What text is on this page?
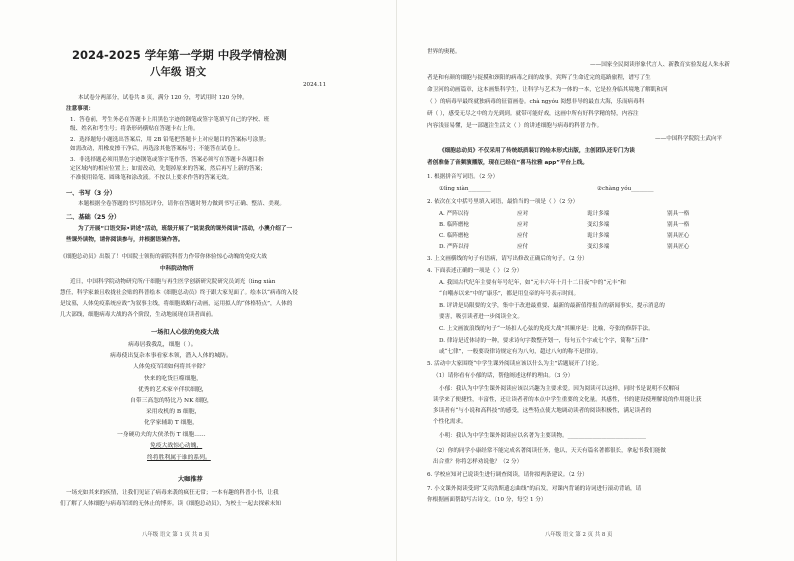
2024-2025 学年第一学期 中段学情检测
八年级 语文
2024.11
本试卷分两部分，试卷共 8 页，满分 120 分，考试用时 120 分钟。
注意事项：
1．答卷前，考生务必在答题卡上用黑色字迹的钢笔或签字笔填写自己的学校、班
级、姓名和考生号；将条形码横贴在答题卡右上角。
2．选择题每小题选出答案后，用 2B 铅笔把答题卡上对应题目的答案标号涂黑；
如需改动，用橡皮擦干净后，再选涂其他答案标号；不能答在试卷上。
3．非选择题必须用黑色字迹钢笔或签字笔作答，答案必须写在答题卡各题目指
定区域内的相应位置上；如需改动，先划掉原来的答案，然后再写上新的答案；
不准使用铅笔、圆珠笔和涂改液。不按以上要求作答的答案无效。
一、书写（3 分）
本题根据全卷答题的书写情况评分，请你在答题时努力做到书写正确、整洁、美观。
二、基础（25 分）
为了开展“口语交际•讲述”活动，班级开展了“说说我的课外阅读”活动，小澳介绍了一
些课外读物，请你阅读参与，并根据语境作答。
《细胞总动员》出版了！中国院士领衔的新院科普力作带你体验惊心动魄的免疫大战
中科院动物所
近日，中国科学院动物研究所/干细胞与再生医学创新研究院研究员刘光（lìng xiàn
慧任，科学家兼且收拢社会贴的科普绘本《细胞总动员》终于跟大家见面了。绘本以“病毒的入侵
是坟墓，人体免疫系统应战”为叙事主线，将细胞战略行动画，运用拟人的“体格特点”，人体的
几大部线，细胞病毒大战的各个阶段，生动地展现在读者面前。
一场扣人心弦的免疫大战
病毒居我我乱，细胞（ ）。
病毒使出复杂本事看家本领，潜入人体的城防。
人体免疫军团如何将其辛除？
快来的吃货巨噬细胞，
优秀的艺术家辛伴状细胞，
自带三高忽的特比乃 NK 细胞，
采用攻机的 B 细胞，
化学家辅助 T 细胞，
一身硬功夫的大侠杀伤 T 细胞……
免疫大战惊心动魄，
终将胜利属于谁的系列。
大咖推荐
一场充如其来的疾情，让我们见证了病毒来袭的疯狂无常；一本有趣的科普小书，让我
们了解了人体细胞与病毒军团的无休止的博弈。读《细胞总动员》，为校士一起去探索未知
八年级 语文 第 1 页 共 8 页
世界的奥秘。
——国家全民阅读形象代言人、新教育实验发起人朱永新
者是和有颜的细胞与捉摸和颈阳的病毒之间的故事，宾辉了生命近完的巡路旅程，谱写了生
命卫河的动画篇章，这本画集科学生，让科学与艺术为一体的一本，它是拉身临其境地了解肌和河
（ ）的病毒早最终就独病毒的征留画卷。chà ngyóu 阅想非导的最直大海，乐而病毒科
研（ ），感受无尽之中的力光到到。就带可能好戏，这画中所有好科学精的特，内容注
内容浅显易懂，是一部题注生活文（ ）的讲述细胞与病毒的科普力作。
——中国科学院院士武向平
《细胞总动员》不仅采用了传统纸质装订的绘本形式出版，主创团队还专门为读
者创准备了音频演播版，现在已经在“喜马拉雅 app”平台上线。
1. 根据拼音写词语。（2 分）
①lìng xiàn________	②chàng yóu________
2. 依次在文中括号里填入词语，最恰当的一项是（ ）（2 分）
A. 严阵以待	应对	诡计多端	别具一格
B. 临阵磨枪	应对	变幻多端	别具一格
C. 临阵磨枪	应付	诡计多端	别具匠心
D. 严阵以待	应付	变幻多端	别具匠心
3. 上文画横线的句子有语病，请写出修改正确后的句子。（2 分）
4. 下面表述正确的一项是（ ）（2 分）
A. 我国古代纪年主要有年号纪年，如“元丰六年十月十二日夜”中的“元丰”和
“自嘲赤以来”中的“康乐”，都是用皇帝的年号表示时间。
B. 评讲是局限要的文学，集中于改进最重要、最新的最新值得报告的新闻事实，提示消息的
要害，吸引读者进一步阅读全文。
C. 上文画波浪线的句子“一场扣人心弦的免疫大战”其顺序是：比喻，夸张的修辞手法。
D. 律诗是近体诗的一种，要求诗句字数整齐划一，每句五个字或七个字，简称“五律”
或“七律”，一般要设律诗规定有为八句，超过八句的称不是律诗。
5. 活动中大家围绕“中学生课外阅读应该以什么为主”话题展开了讨论。
（1）请你看有小郁的话，帮他阐述这样的理由。（3 分）
小郁：我认为中学生课外阅读应该以兴趣为主要求爱。因为阅读可以这样，同时书是说明不仅解闷
读学来了便捷性，丰富性，还让读者者的本点中学生重要的文化量。其感性，书的建设使理解说的作用能让获
多读者有“与小说和高科技”的感受，这些特点使大地调动读者的阅读积极性，满足读者的
个性化需求。
小明：我认为中学生课外阅读应以名著为主要读物。____________________________
（2）你的同学小康经常不能完成名著阅读任务，他认，天天有篇名著都很长，拿起书我们能做
出合重？你将怎样劝说他？（2 分）
6. 学校应知对已说读生进行调查阅读，请你拟两条建议。（2 分）
7. 小文课外阅读受到“艾宾浩斯遗忘曲线”的启发，对课内背诵的诗词进行滚动背诵，请
你根据画面帮助写古诗文。（10 分，每空 1 分）
八年级 语文 第 2 页 共 8 页
